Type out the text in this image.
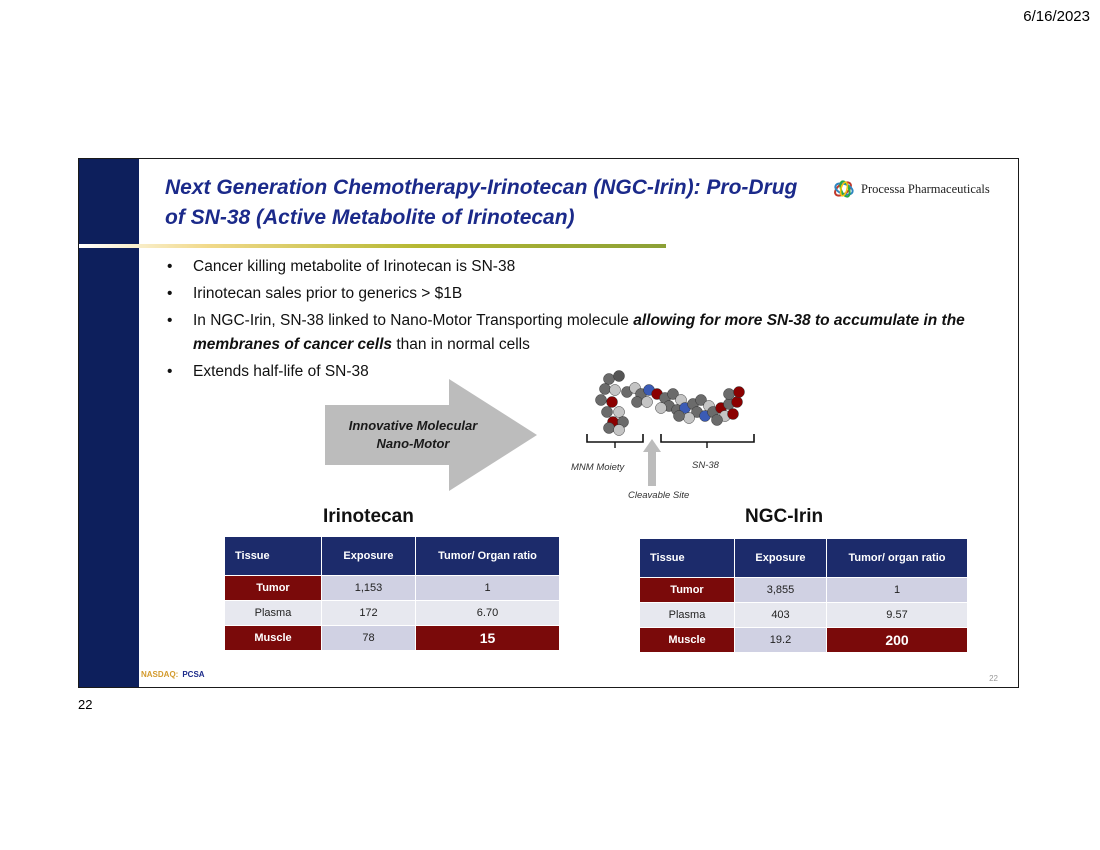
6/16/2023
Next Generation Chemotherapy-Irinotecan (NGC-Irin): Pro-Drug of SN-38 (Active Metabolite of Irinotecan)
Processa Pharmaceuticals
• Cancer killing metabolite of Irinotecan is SN-38
• Irinotecan sales prior to generics > $1B
• In NGC-Irin, SN-38 linked to Nano-Motor Transporting molecule allowing for more SN-38 to accumulate in the membranes of cancer cells than in normal cells
• Extends half-life of SN-38
Innovative Molecular Nano-Motor
MNM Moiety	SN-38
Cleavable Site
Irinotecan
Tissue	Exposure	Tumor/ Organ ratio
Tumor	1,153	1
Plasma	172	6.70
Muscle	78	15
NGC-Irin
Tissue	Exposure	Tumor/ organ ratio
Tumor	3,855	1
Plasma	403	9.57
Muscle	19.2	200
NASDAQ: PCSA	22
22
